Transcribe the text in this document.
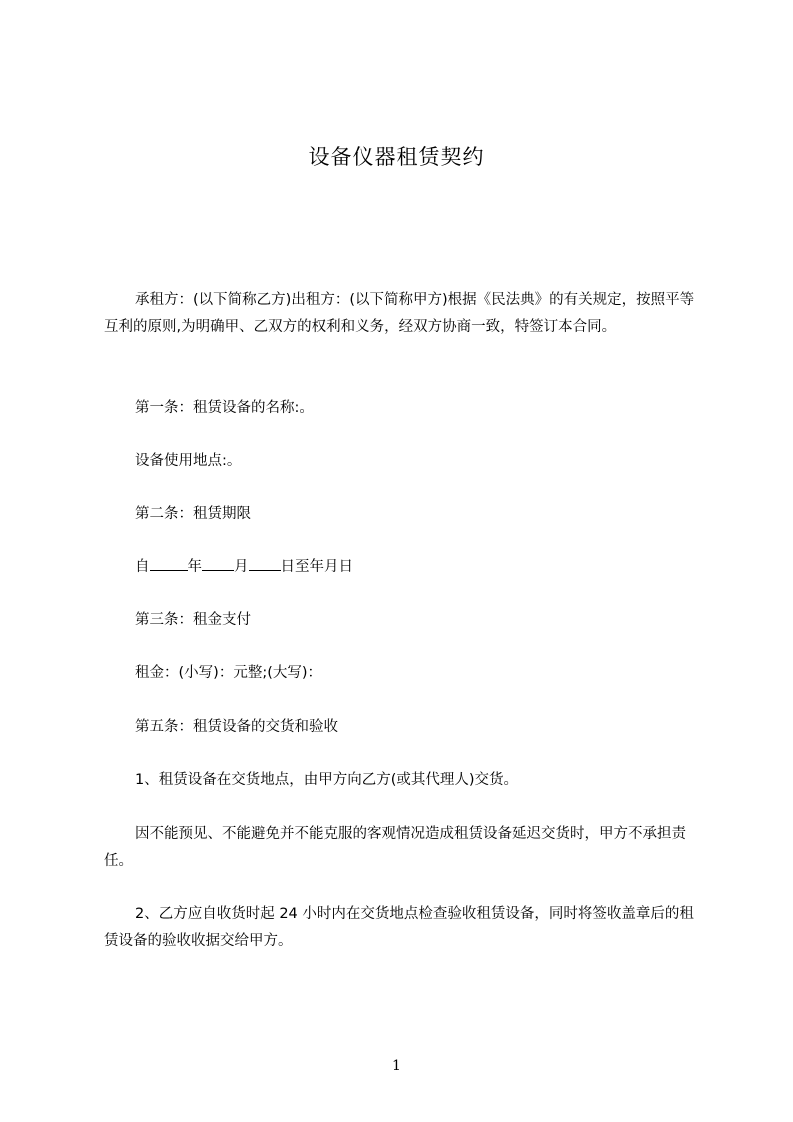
设备仪器租赁契约

承租方：(以下简称乙方)出租方：(以下简称甲方)根据《民法典》的有关规定，按照平等互利的原则,为明确甲、乙双方的权利和义务，经双方协商一致，特签订本合同。

第一条：租赁设备的名称:。
设备使用地点:。
第二条：租赁期限
自	年 月 日至年月日
第三条：租金支付
租金：(小写)：元整;(大写)：
第五条：租赁设备的交货和验收
1、租赁设备在交货地点，由甲方向乙方(或其代理人)交货。

因不能预见、不能避免并不能克服的客观情况造成租赁设备延迟交货时，甲方不承担责任。

2、乙方应自收货时起 24 小时内在交货地点检查验收租赁设备，同时将签收盖章后的租赁设备的验收收据交给甲方。

1
